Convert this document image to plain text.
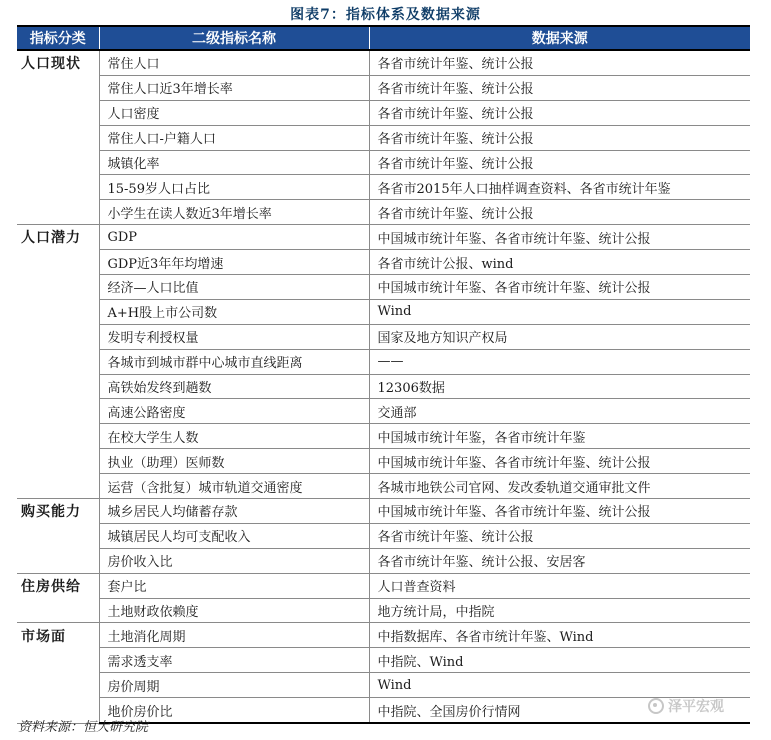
图表7：指标体系及数据来源
指标分类	二级指标名称	数据来源
人口现状	常住人口	各省市统计年鉴、统计公报
	常住人口近3年增长率	各省市统计年鉴、统计公报
	人口密度	各省市统计年鉴、统计公报
	常住人口-户籍人口	各省市统计年鉴、统计公报
	城镇化率	各省市统计年鉴、统计公报
	15-59岁人口占比	各省市2015年人口抽样调查资料、各省市统计年鉴
	小学生在读人数近3年增长率	各省市统计年鉴、统计公报
人口潜力	GDP	中国城市统计年鉴、各省市统计年鉴、统计公报
	GDP近3年年均增速	各省市统计公报、wind
	经济—人口比值	中国城市统计年鉴、各省市统计年鉴、统计公报
	A+H股上市公司数	Wind
	发明专利授权量	国家及地方知识产权局
	各城市到城市群中心城市直线距离	——
	高铁始发终到趟数	12306数据
	高速公路密度	交通部
	在校大学生人数	中国城市统计年鉴，各省市统计年鉴
	执业（助理）医师数	中国城市统计年鉴、各省市统计年鉴、统计公报
	运营（含批复）城市轨道交通密度	各城市地铁公司官网、发改委轨道交通审批文件
购买能力	城乡居民人均储蓄存款	中国城市统计年鉴、各省市统计年鉴、统计公报
	城镇居民人均可支配收入	各省市统计年鉴、统计公报
	房价收入比	各省市统计年鉴、统计公报、安居客
住房供给	套户比	人口普查资料
	土地财政依赖度	地方统计局，中指院
市场面	土地消化周期	中指数据库、各省市统计年鉴、Wind
	需求透支率	中指院、Wind
	房价周期	Wind
	地价房价比	中指院、全国房价行情网
资料来源：恒大研究院
泽平宏观
